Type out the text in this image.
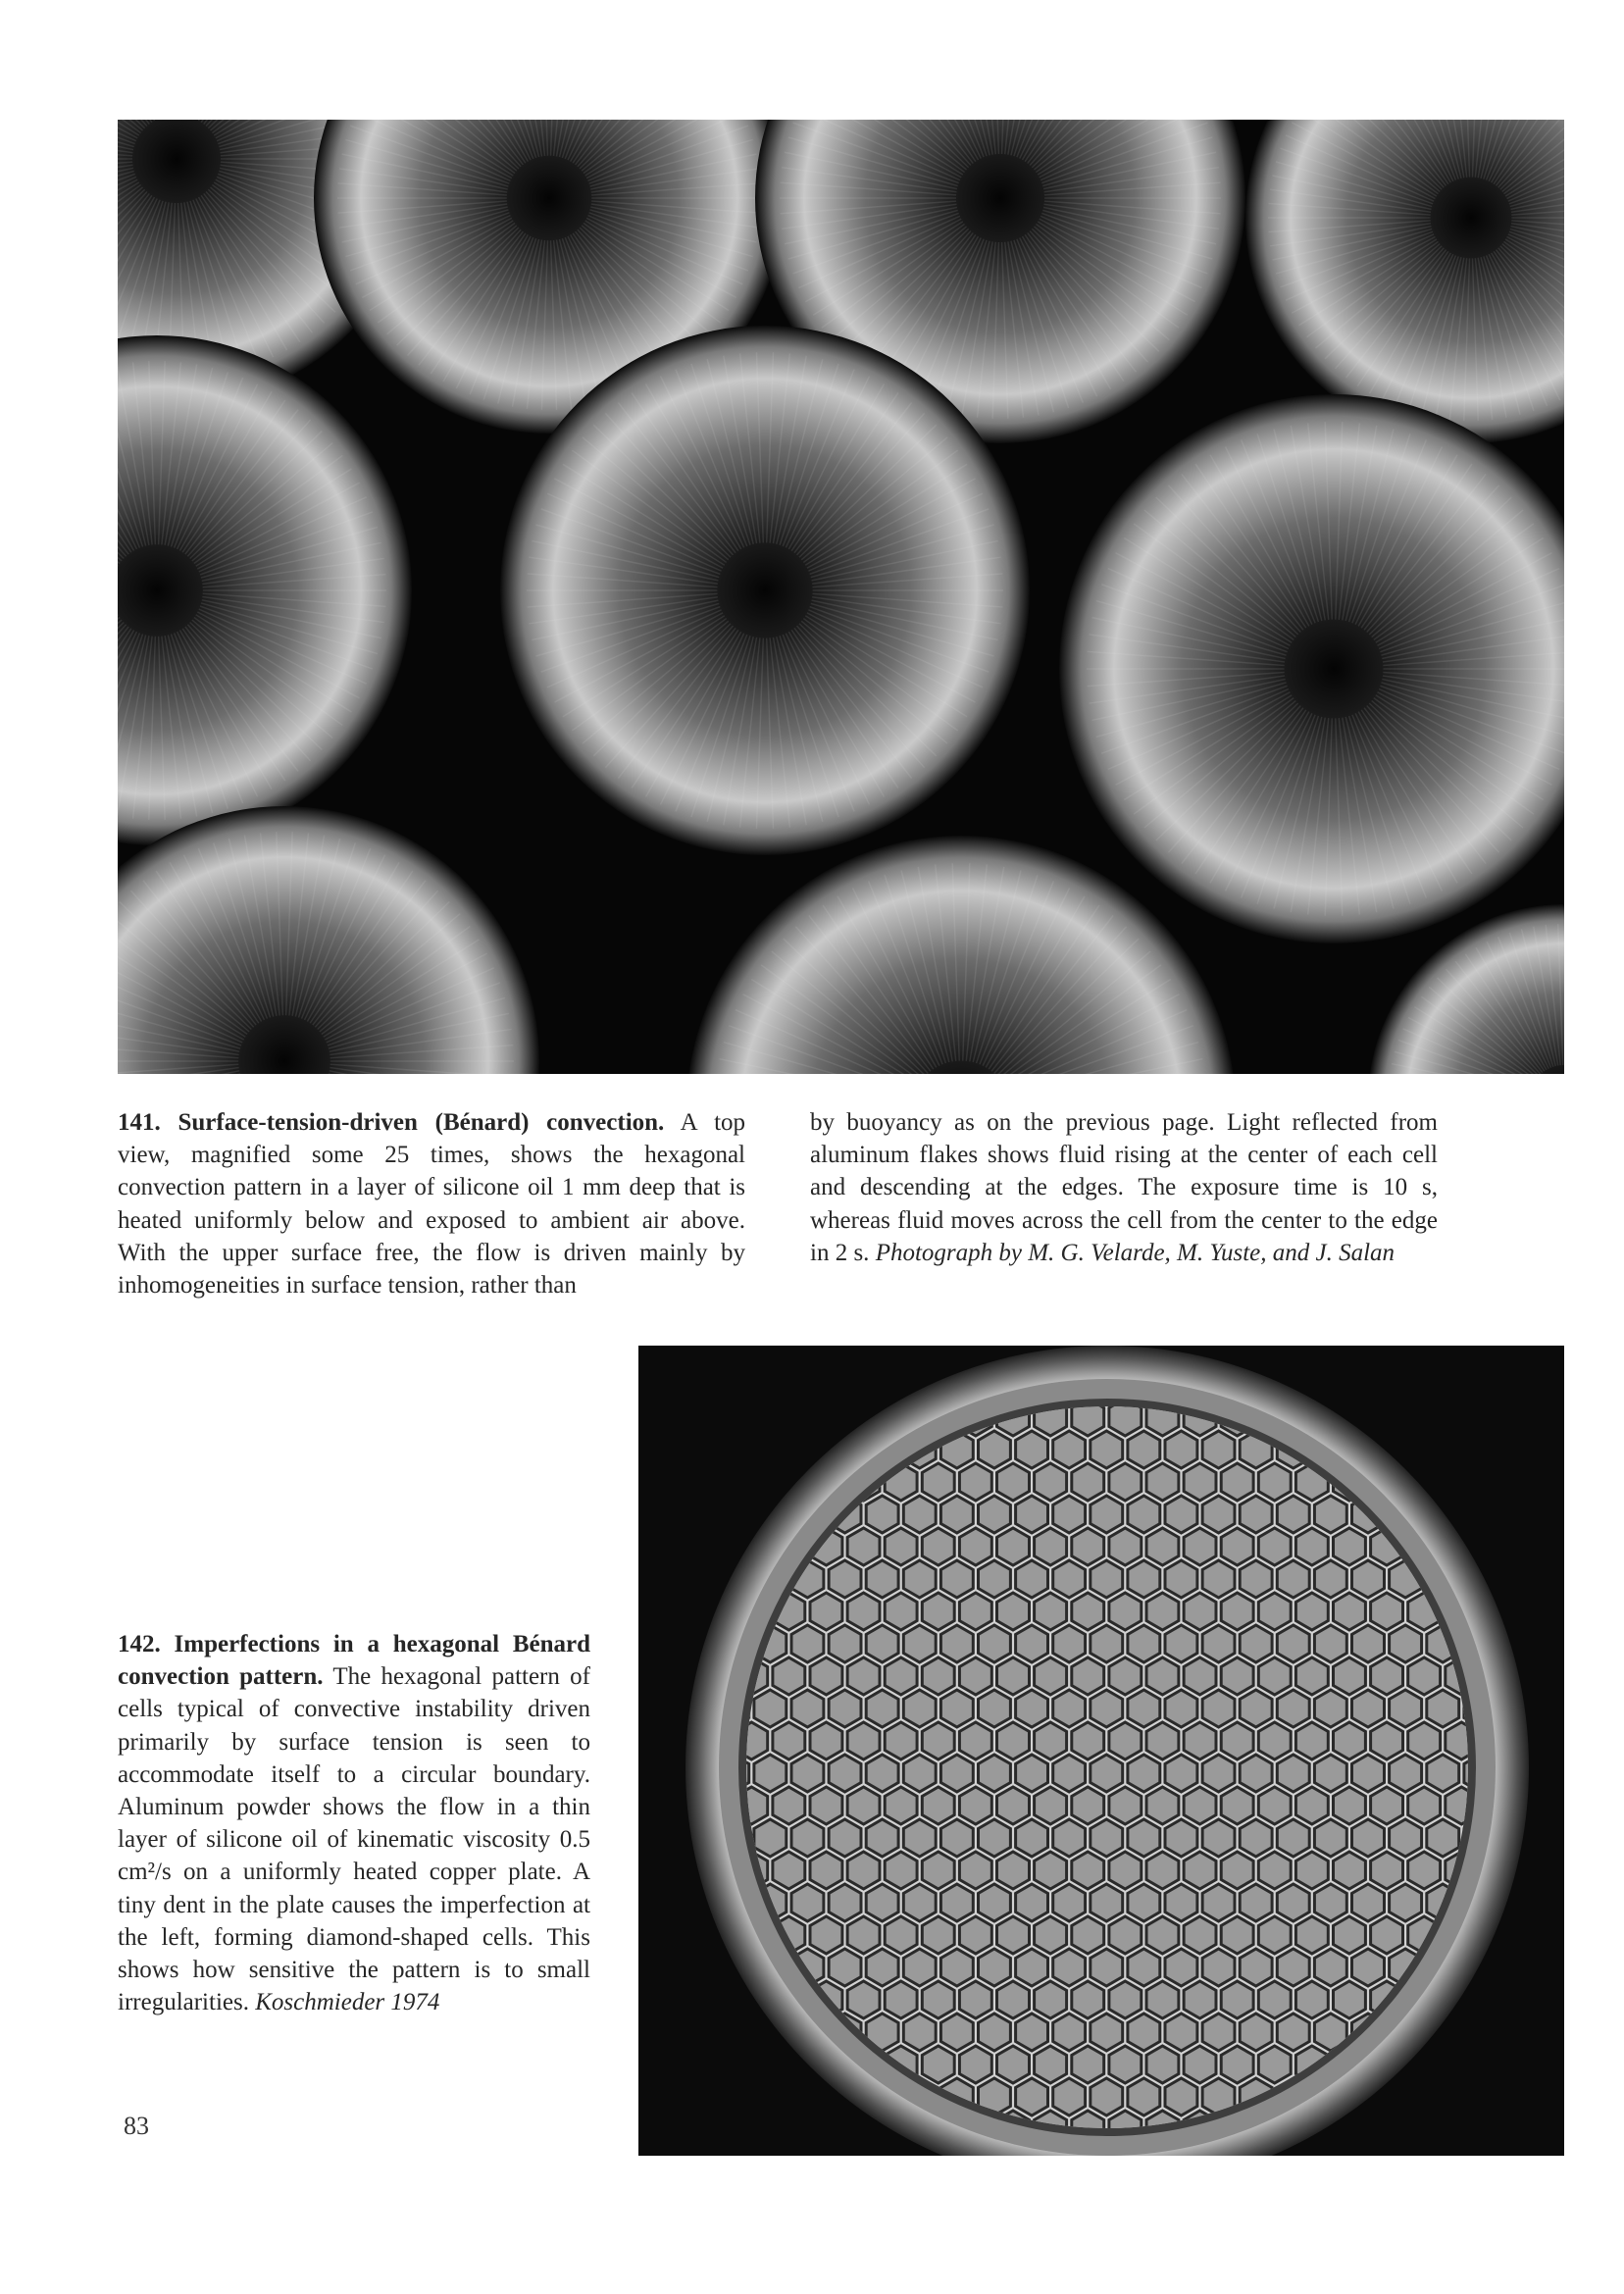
141. Surface-tension-driven (Bénard) convection. A top view, magnified some 25 times, shows the hexagonal convection pattern in a layer of silicone oil 1 mm deep that is heated uniformly below and exposed to ambient air above. With the upper surface free, the flow is driven mainly by inhomogeneities in surface tension, rather than

by buoyancy as on the previous page. Light reflected from aluminum flakes shows fluid rising at the center of each cell and descending at the edges. The exposure time is 10 s, whereas fluid moves across the cell from the center to the edge in 2 s. Photograph by M. G. Velarde, M. Yuste, and J. Salan

142. Imperfections in a hexagonal Bénard convection pattern. The hexagonal pattern of cells typical of convective instability driven primarily by surface tension is seen to accommodate itself to a circular boundary. Aluminum powder shows the flow in a thin layer of silicone oil of kinematic viscosity 0.5 cm²/s on a uniformly heated copper plate. A tiny dent in the plate causes the imperfection at the left, forming diamond-shaped cells. This shows how sensitive the pattern is to small irregularities. Koschmieder 1974

83
